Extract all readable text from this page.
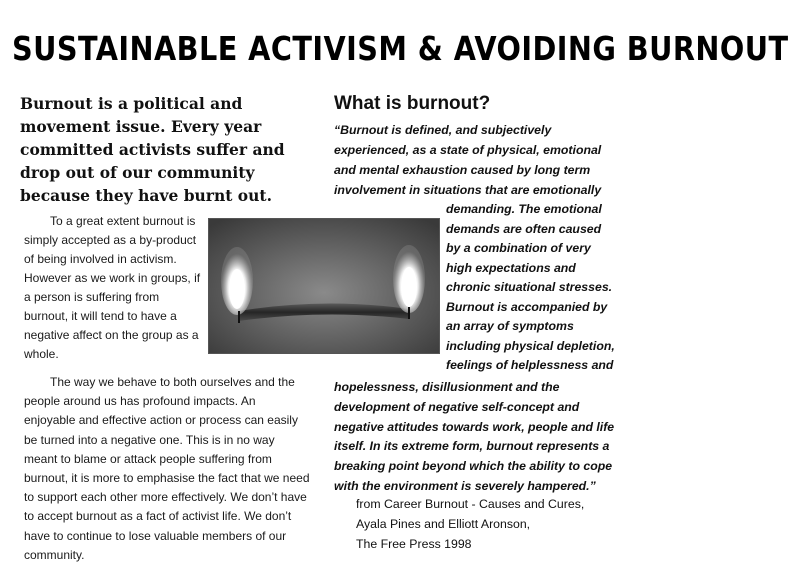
SUSTAINABLE ACTIVISM & AVOIDING BURNOUT

Burnout is a political and movement issue. Every year committed activists suffer and drop out of our community because they have burnt out.

To a great extent burnout is simply accepted as a by-product of being involved in activism. However as we work in groups, if a person is suffering from burnout, it will tend to have a negative affect on the group as a whole.

The way we behave to both ourselves and the people around us has profound impacts. An enjoyable and effective action or process can easily be turned into a negative one. This is in no way meant to blame or attack people suffering from burnout, it is more to emphasise the fact that we need to support each other more effectively. We don’t have to accept burnout as a fact of activist life. We don’t have to continue to lose valuable members of our community.

What is burnout?

“Burnout is defined, and subjectively
experienced, as a state of physical, emotional
and mental exhaustion caused by long term
involvement in situations that are emotionally

demanding. The emotional
demands are often caused
by a combination of very
high expectations and
chronic situational stresses.
Burnout is accompanied by
an array of symptoms
including physical depletion,
feelings of helplessness and

hopelessness, disillusionment and the
development of negative self-concept and
negative attitudes towards work, people and life
itself. In its extreme form, burnout represents a
breaking point beyond which the ability to cope
with the environment is severely hampered.”

from Career Burnout - Causes and Cures,
Ayala Pines and Elliott Aronson,
The Free Press 1998
